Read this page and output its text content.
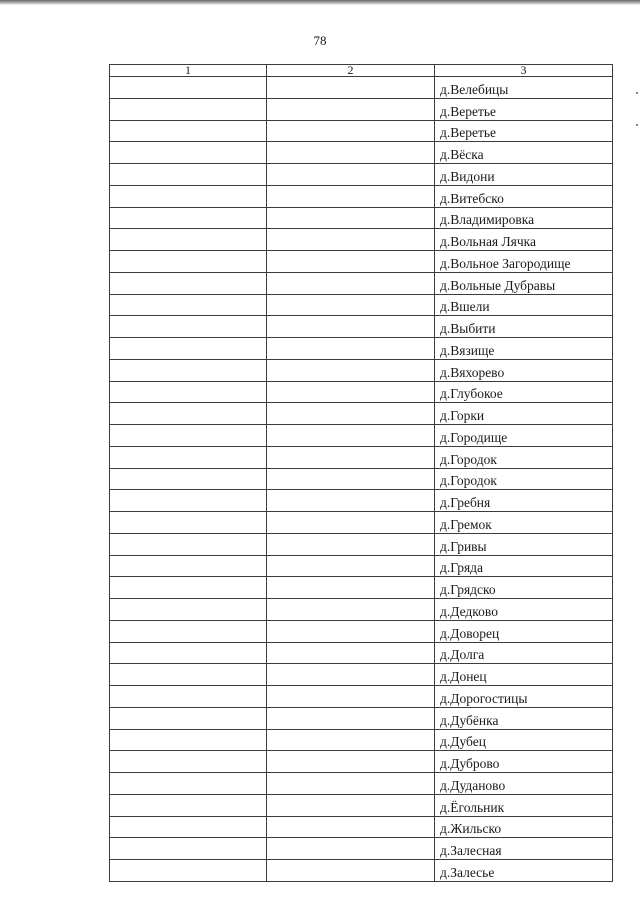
78
1	2	3
		д.Велебицы
		д.Веретье
		д.Веретье
		д.Вёска
		д.Видони
		д.Витебско
		д.Владимировка
		д.Вольная Лячка
		д.Вольное Загородище
		д.Вольные Дубравы
		д.Вшели
		д.Выбити
		д.Вязище
		д.Вяхорево
		д.Глубокое
		д.Горки
		д.Городище
		д.Городок
		д.Городок
		д.Гребня
		д.Гремок
		д.Гривы
		д.Гряда
		д.Грядско
		д.Дедково
		д.Доворец
		д.Долга
		д.Донец
		д.Дорогостицы
		д.Дубёнка
		д.Дубец
		д.Дуброво
		д.Дуданово
		д.Ёгольник
		д.Жильско
		д.Залесная
		д.Залесье
